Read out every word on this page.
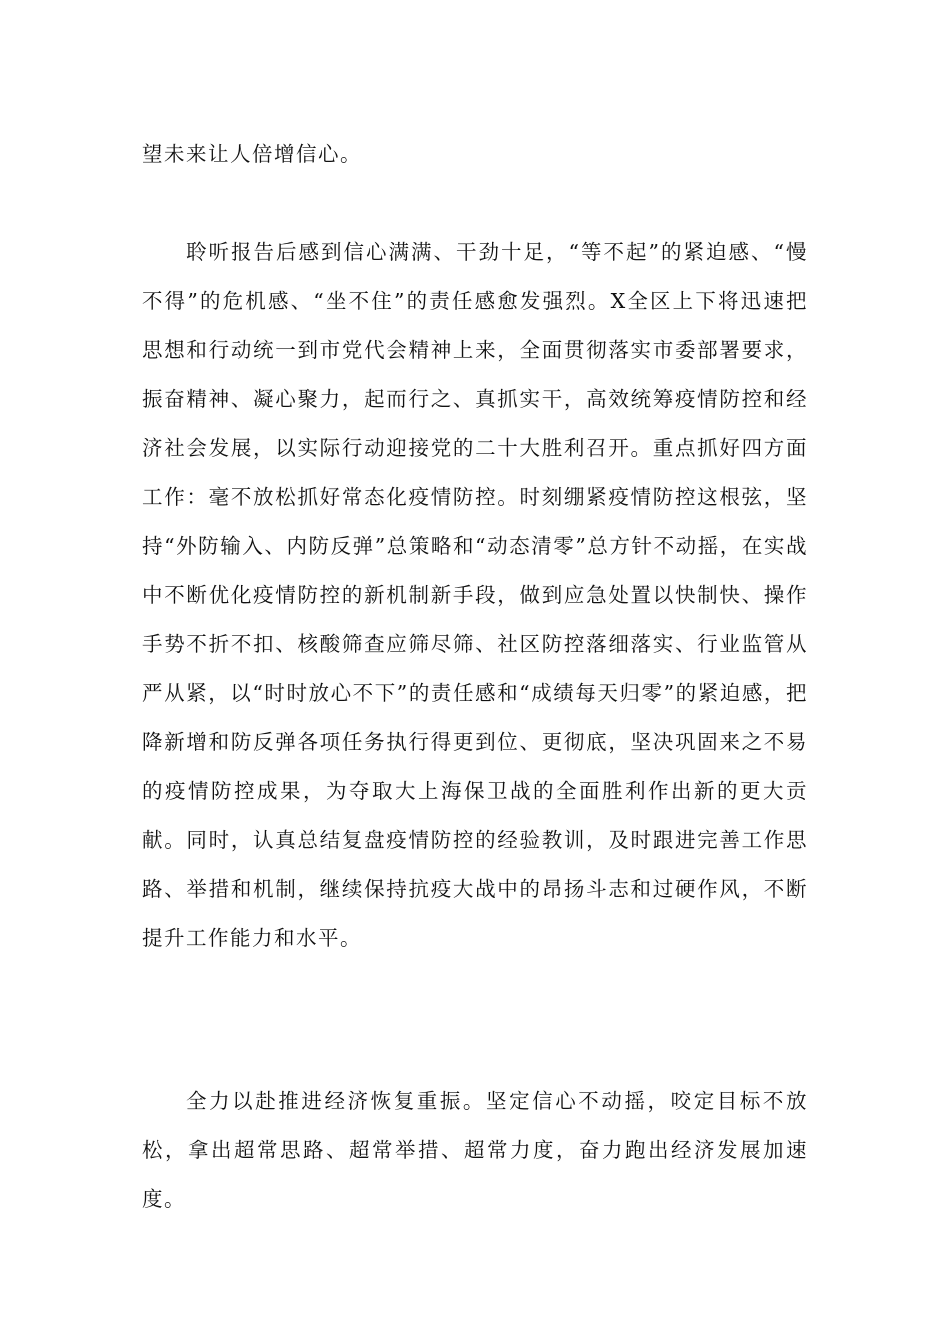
望未来让人倍增信心。

聆听报告后感到信心满满、干劲十足，“等不起”的紧迫感、“慢不得”的危机感、“坐不住”的责任感愈发强烈。X全区上下将迅速把思想和行动统一到市党代会精神上来，全面贯彻落实市委部署要求，振奋精神、凝心聚力，起而行之、真抓实干，高效统筹疫情防控和经济社会发展，以实际行动迎接党的二十大胜利召开。重点抓好四方面工作：毫不放松抓好常态化疫情防控。时刻绷紧疫情防控这根弦，坚持“外防输入、内防反弹”总策略和“动态清零”总方针不动摇，在实战中不断优化疫情防控的新机制新手段，做到应急处置以快制快、操作手势不折不扣、核酸筛查应筛尽筛、社区防控落细落实、行业监管从严从紧，以“时时放心不下”的责任感和“成绩每天归零”的紧迫感，把降新增和防反弹各项任务执行得更到位、更彻底，坚决巩固来之不易的疫情防控成果，为夺取大上海保卫战的全面胜利作出新的更大贡献。同时，认真总结复盘疫情防控的经验教训，及时跟进完善工作思路、举措和机制，继续保持抗疫大战中的昂扬斗志和过硬作风，不断提升工作能力和水平。

全力以赴推进经济恢复重振。坚定信心不动摇，咬定目标不放松，拿出超常思路、超常举措、超常力度，奋力跑出经济发展加速度。
